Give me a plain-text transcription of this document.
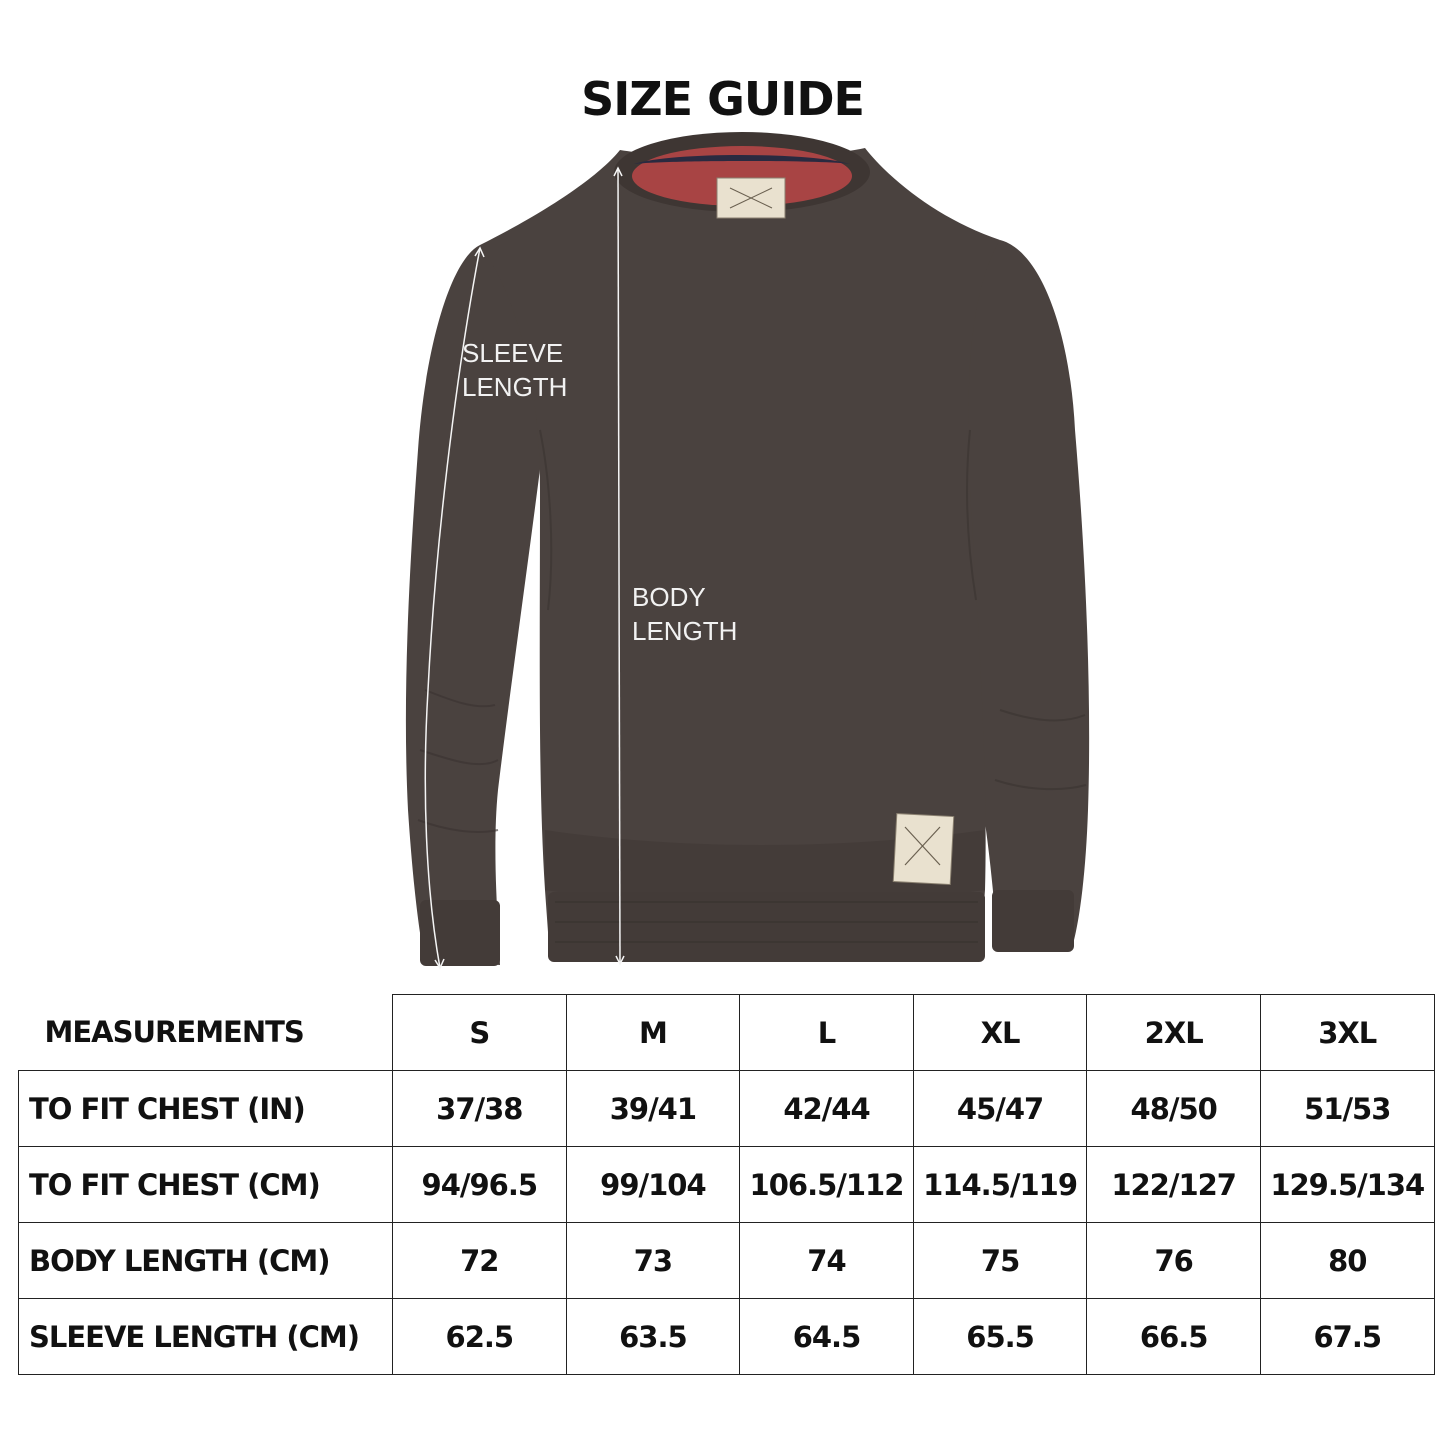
SIZE GUIDE
SLEEVE
LENGTH
BODY
LENGTH
MEASUREMENTS	S	M	L	XL	2XL	3XL
TO FIT CHEST (IN)	37/38	39/41	42/44	45/47	48/50	51/53
TO FIT CHEST (CM)	94/96.5	99/104	106.5/112	114.5/119	122/127	129.5/134
BODY LENGTH (CM)	72	73	74	75	76	80
SLEEVE LENGTH (CM)	62.5	63.5	64.5	65.5	66.5	67.5
